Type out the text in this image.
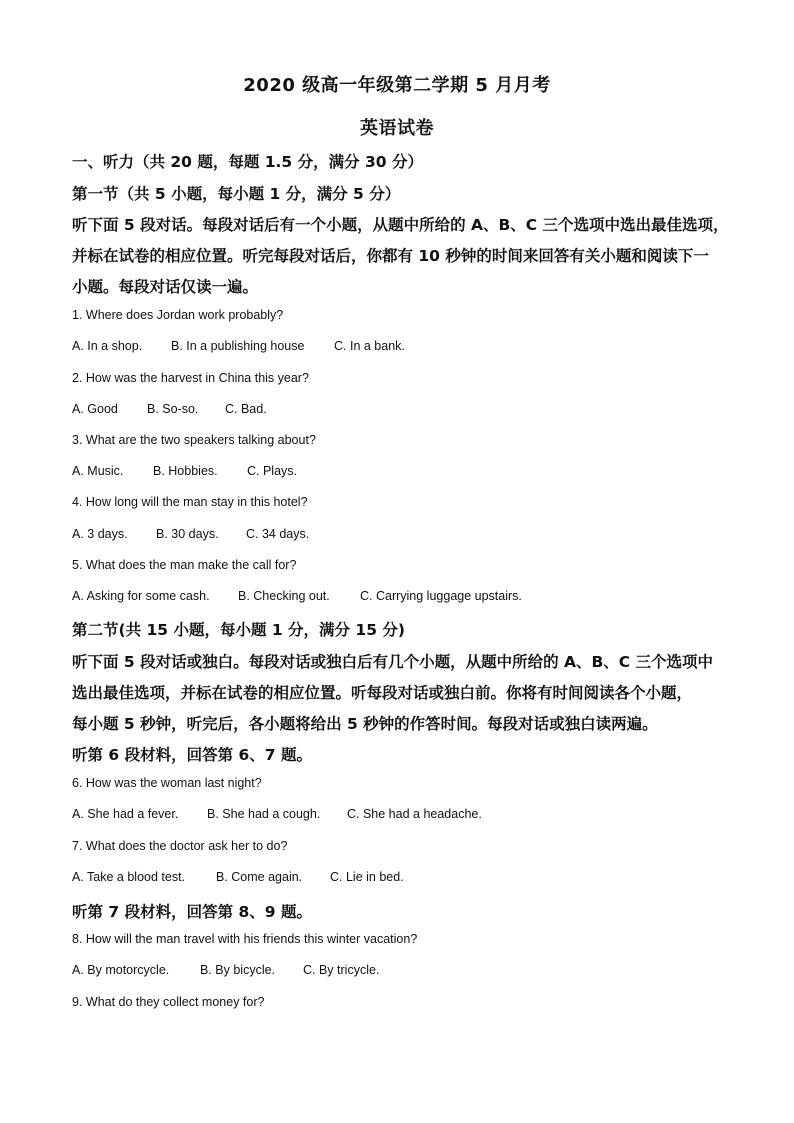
2020 级高一年级第二学期 5 月月考
英语试卷
一、听力（共 20 题，每题 1.5 分，满分 30 分）
第一节（共 5 小题，每小题 1 分，满分 5 分）
听下面 5 段对话。每段对话后有一个小题，从题中所给的 A、B、C 三个选项中选出最佳选项，
并标在试卷的相应位置。听完每段对话后，你都有 10 秒钟的时间来回答有关小题和阅读下一
小题。每段对话仅读一遍。
1. Where does Jordan work probably?
A. In a shop. B. In a publishing house C. In a bank.
2. How was the harvest in China this year?
A. Good B. So-so. C. Bad.
3. What are the two speakers talking about?
A. Music. B. Hobbies. C. Plays.
4. How long will the man stay in this hotel?
A. 3 days. B. 30 days. C. 34 days.
5. What does the man make the call for?
A. Asking for some cash. B. Checking out. C. Carrying luggage upstairs.
第二节(共 15 小题，每小题 1 分，满分 15 分)
听下面 5 段对话或独白。每段对话或独白后有几个小题，从题中所给的 A、B、C 三个选项中
选出最佳选项，并标在试卷的相应位置。听每段对话或独白前。你将有时间阅读各个小题，
每小题 5 秒钟，听完后，各小题将给出 5 秒钟的作答时间。每段对话或独白读两遍。
听第 6 段材料，回答第 6、7 题。
6. How was the woman last night?
A. She had a fever. B. She had a cough. C. She had a headache.
7. What does the doctor ask her to do?
A. Take a blood test. B. Come again. C. Lie in bed.
听第 7 段材料，回答第 8、9 题。
8. How will the man travel with his friends this winter vacation?
A. By motorcycle. B. By bicycle. C. By tricycle.
9. What do they collect money for?
